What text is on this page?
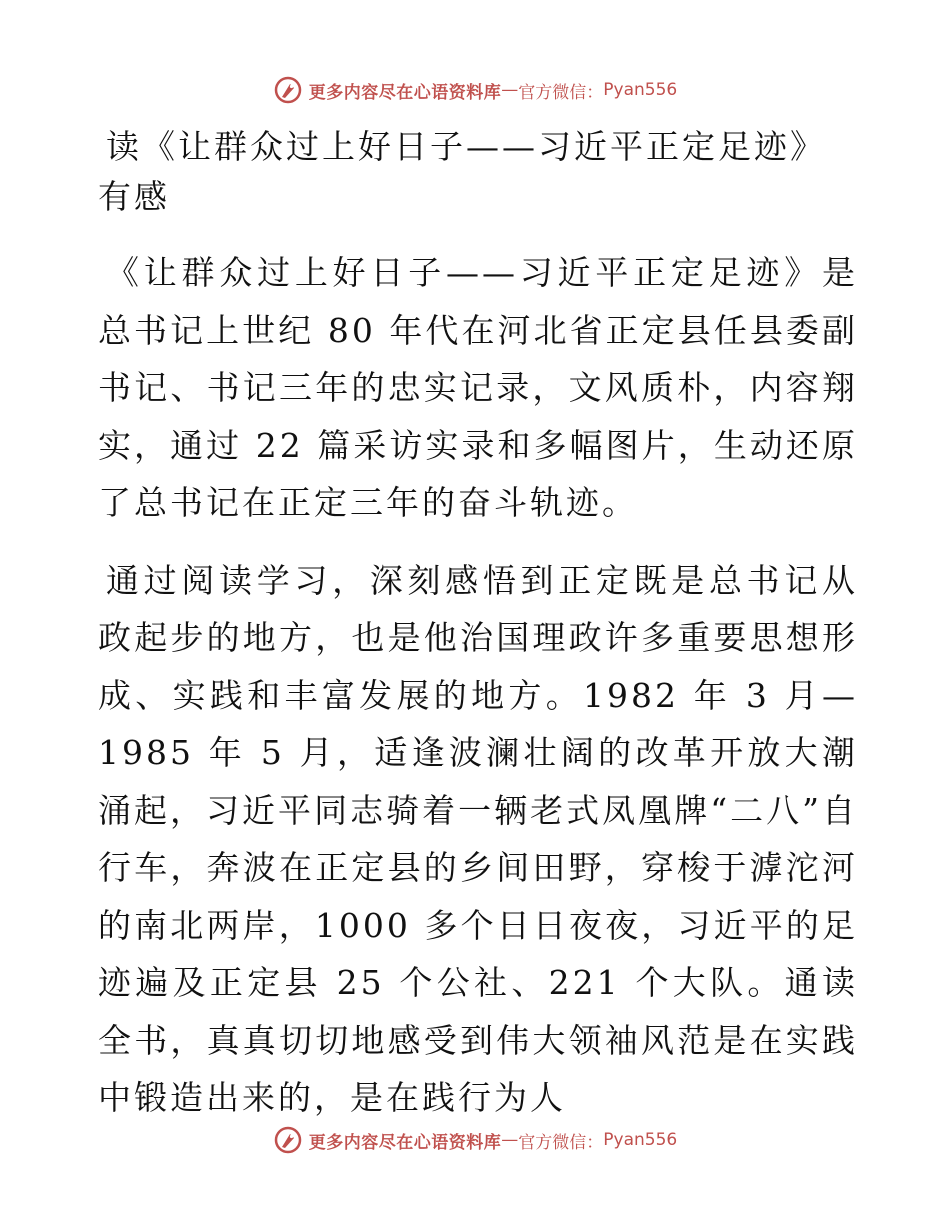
更多内容尽在心语资料库 — 官方微信： Pyan556
读《让群众过上好日子——习近平正定足迹》有感

《让群众过上好日子——习近平正定足迹》是总书记上世纪 80 年代在河北省正定县任县委副书记、书记三年的忠实记录，文风质朴，内容翔实，通过 22 篇采访实录和多幅图片，生动还原了总书记在正定三年的奋斗轨迹。

通过阅读学习，深刻感悟到正定既是总书记从政起步的地方，也是他治国理政许多重要思想形成、实践和丰富发展的地方。1982 年 3 月—1985 年 5 月，适逢波澜壮阔的改革开放大潮涌起，习近平同志骑着一辆老式凤凰牌“二八”自行车，奔波在正定县的乡间田野，穿梭于滹沱河的南北两岸，1000 多个日日夜夜，习近平的足迹遍及正定县 25 个公社、221 个大队。通读全书，真真切切地感受到伟大领袖风范是在实践中锻造出来的，是在践行为人

更多内容尽在心语资料库 — 官方微信： Pyan556
